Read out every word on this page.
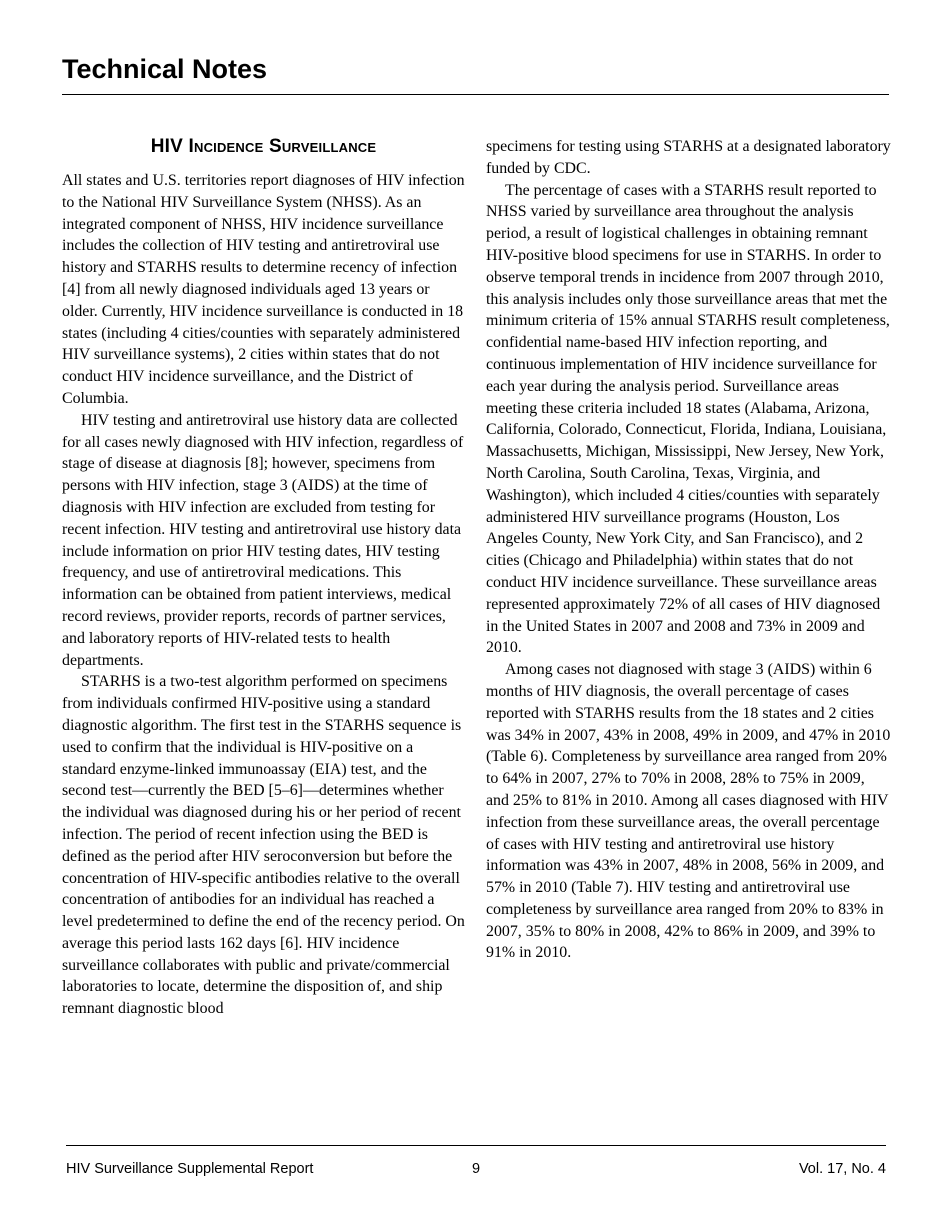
Technical Notes
HIV Incidence Surveillance

All states and U.S. territories report diagnoses of HIV infection to the National HIV Surveillance System (NHSS). As an integrated component of NHSS, HIV incidence surveillance includes the collection of HIV testing and antiretroviral use history and STARHS results to determine recency of infection [4] from all newly diagnosed individuals aged 13 years or older. Currently, HIV incidence surveillance is conducted in 18 states (including 4 cities/counties with separately administered HIV surveillance systems), 2 cities within states that do not conduct HIV incidence surveillance, and the District of Columbia.

HIV testing and antiretroviral use history data are collected for all cases newly diagnosed with HIV infection, regardless of stage of disease at diagnosis [8]; however, specimens from persons with HIV infection, stage 3 (AIDS) at the time of diagnosis with HIV infection are excluded from testing for recent infection. HIV testing and antiretroviral use history data include information on prior HIV testing dates, HIV testing frequency, and use of antiretroviral medications. This information can be obtained from patient interviews, medical record reviews, provider reports, records of partner services, and laboratory reports of HIV-related tests to health departments.

STARHS is a two-test algorithm performed on specimens from individuals confirmed HIV-positive using a standard diagnostic algorithm. The first test in the STARHS sequence is used to confirm that the individual is HIV-positive on a standard enzyme-linked immunoassay (EIA) test, and the second test—currently the BED [5–6]—determines whether the individual was diagnosed during his or her period of recent infection. The period of recent infection using the BED is defined as the period after HIV seroconversion but before the concentration of HIV-specific antibodies relative to the overall concentration of antibodies for an individual has reached a level predetermined to define the end of the recency period. On average this period lasts 162 days [6]. HIV incidence surveillance collaborates with public and private/commercial laboratories to locate, determine the disposition of, and ship remnant diagnostic blood

specimens for testing using STARHS at a designated laboratory funded by CDC.

The percentage of cases with a STARHS result reported to NHSS varied by surveillance area throughout the analysis period, a result of logistical challenges in obtaining remnant HIV-positive blood specimens for use in STARHS. In order to observe temporal trends in incidence from 2007 through 2010, this analysis includes only those surveillance areas that met the minimum criteria of 15% annual STARHS result completeness, confidential name-based HIV infection reporting, and continuous implementation of HIV incidence surveillance for each year during the analysis period. Surveillance areas meeting these criteria included 18 states (Alabama, Arizona, California, Colorado, Connecticut, Florida, Indiana, Louisiana, Massachusetts, Michigan, Mississippi, New Jersey, New York, North Carolina, South Carolina, Texas, Virginia, and Washington), which included 4 cities/counties with separately administered HIV surveillance programs (Houston, Los Angeles County, New York City, and San Francisco), and 2 cities (Chicago and Philadelphia) within states that do not conduct HIV incidence surveillance. These surveillance areas represented approximately 72% of all cases of HIV diagnosed in the United States in 2007 and 2008 and 73% in 2009 and 2010.

Among cases not diagnosed with stage 3 (AIDS) within 6 months of HIV diagnosis, the overall percentage of cases reported with STARHS results from the 18 states and 2 cities was 34% in 2007, 43% in 2008, 49% in 2009, and 47% in 2010 (Table 6). Completeness by surveillance area ranged from 20% to 64% in 2007, 27% to 70% in 2008, 28% to 75% in 2009, and 25% to 81% in 2010. Among all cases diagnosed with HIV infection from these surveillance areas, the overall percentage of cases with HIV testing and antiretroviral use history information was 43% in 2007, 48% in 2008, 56% in 2009, and 57% in 2010 (Table 7). HIV testing and antiretroviral use completeness by surveillance area ranged from 20% to 83% in 2007, 35% to 80% in 2008, 42% to 86% in 2009, and 39% to 91% in 2010.

HIV Surveillance Supplemental Report	9	Vol. 17, No. 4
